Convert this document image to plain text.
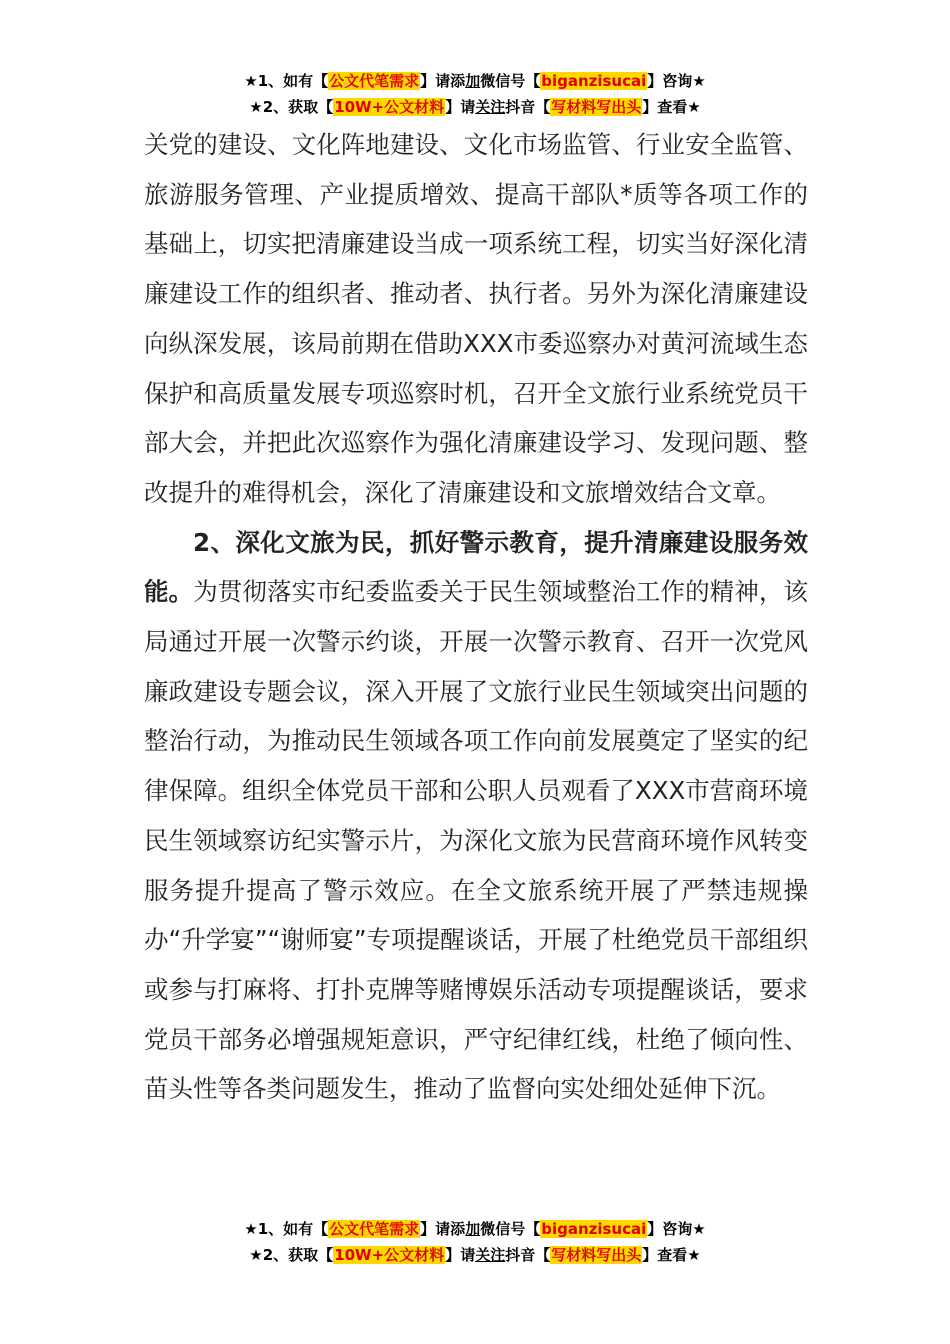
★1、如有【公文代笔需求】请添加微信号【biganzisucai】咨询★
★2、获取【10W+公文材料】请关注抖音【写材料写出头】查看★

关党的建设、文化阵地建设、文化市场监管、行业安全监管、旅游服务管理、产业提质增效、提高干部队*质等各项工作的基础上，切实把清廉建设当成一项系统工程，切实当好深化清廉建设工作的组织者、推动者、执行者。另外为深化清廉建设向纵深发展，该局前期在借助XXX市委巡察办对黄河流域生态保护和高质量发展专项巡察时机，召开全文旅行业系统党员干部大会，并把此次巡察作为强化清廉建设学习、发现问题、整改提升的难得机会，深化了清廉建设和文旅增效结合文章。

2、深化文旅为民，抓好警示教育，提升清廉建设服务效能。为贯彻落实市纪委监委关于民生领域整治工作的精神，该局通过开展一次警示约谈，开展一次警示教育、召开一次党风廉政建设专题会议，深入开展了文旅行业民生领域突出问题的整治行动，为推动民生领域各项工作向前发展奠定了坚实的纪律保障。组织全体党员干部和公职人员观看了XXX市营商环境民生领域察访纪实警示片，为深化文旅为民营商环境作风转变服务提升提高了警示效应。在全文旅系统开展了严禁违规操办“升学宴”“谢师宴”专项提醒谈话，开展了杜绝党员干部组织或参与打麻将、打扑克牌等赌博娱乐活动专项提醒谈话，要求党员干部务必增强规矩意识，严守纪律红线，杜绝了倾向性、苗头性等各类问题发生，推动了监督向实处细处延伸下沉。

★1、如有【公文代笔需求】请添加微信号【biganzisucai】咨询★
★2、获取【10W+公文材料】请关注抖音【写材料写出头】查看★
